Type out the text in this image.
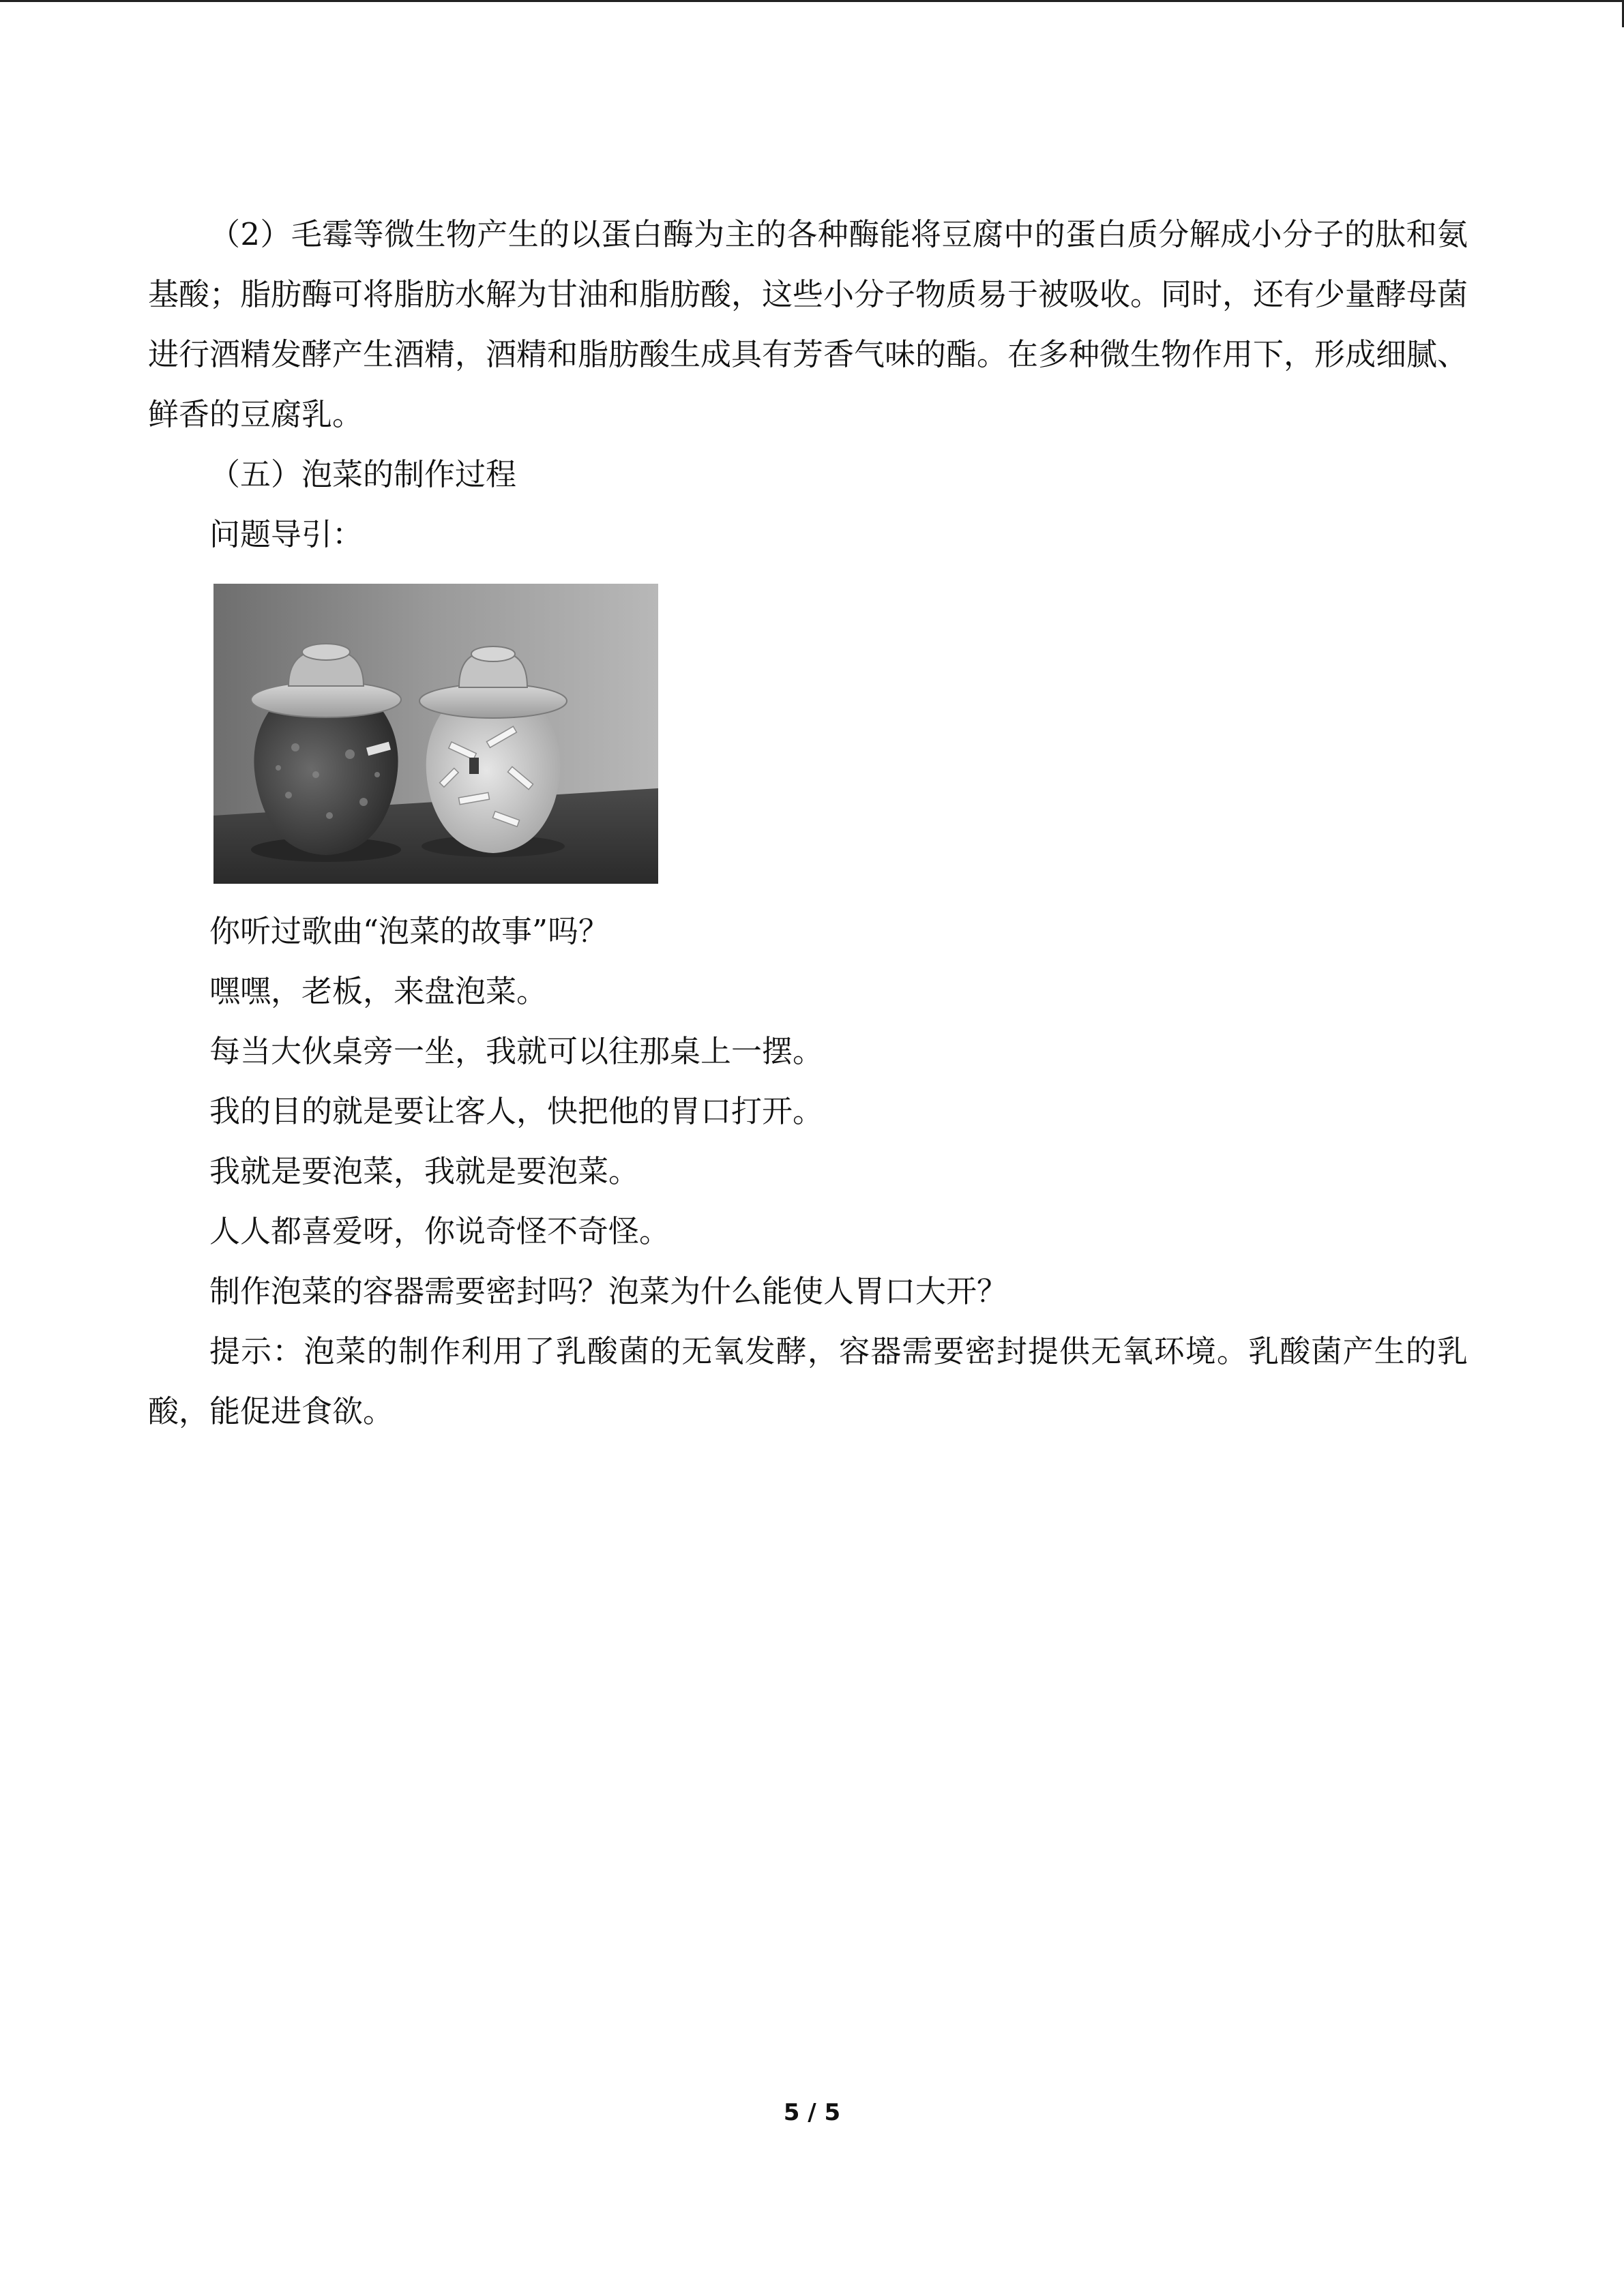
（2）毛霉等微生物产生的以蛋白酶为主的各种酶能将豆腐中的蛋白质分解成小分子的肽和氨基酸；脂肪酶可将脂肪水解为甘油和脂肪酸，这些小分子物质易于被吸收。同时，还有少量酵母菌进行酒精发酵产生酒精，酒精和脂肪酸生成具有芳香气味的酯。在多种微生物作用下，形成细腻、鲜香的豆腐乳。

（五）泡菜的制作过程

问题导引：

你听过歌曲“泡菜的故事”吗？

嘿嘿，老板，来盘泡菜。

每当大伙桌旁一坐，我就可以往那桌上一摆。

我的目的就是要让客人，快把他的胃口打开。

我就是要泡菜，我就是要泡菜。

人人都喜爱呀，你说奇怪不奇怪。

制作泡菜的容器需要密封吗？泡菜为什么能使人胃口大开？

提示：泡菜的制作利用了乳酸菌的无氧发酵，容器需要密封提供无氧环境。乳酸菌产生的乳酸，能促进食欲。

5 / 5
